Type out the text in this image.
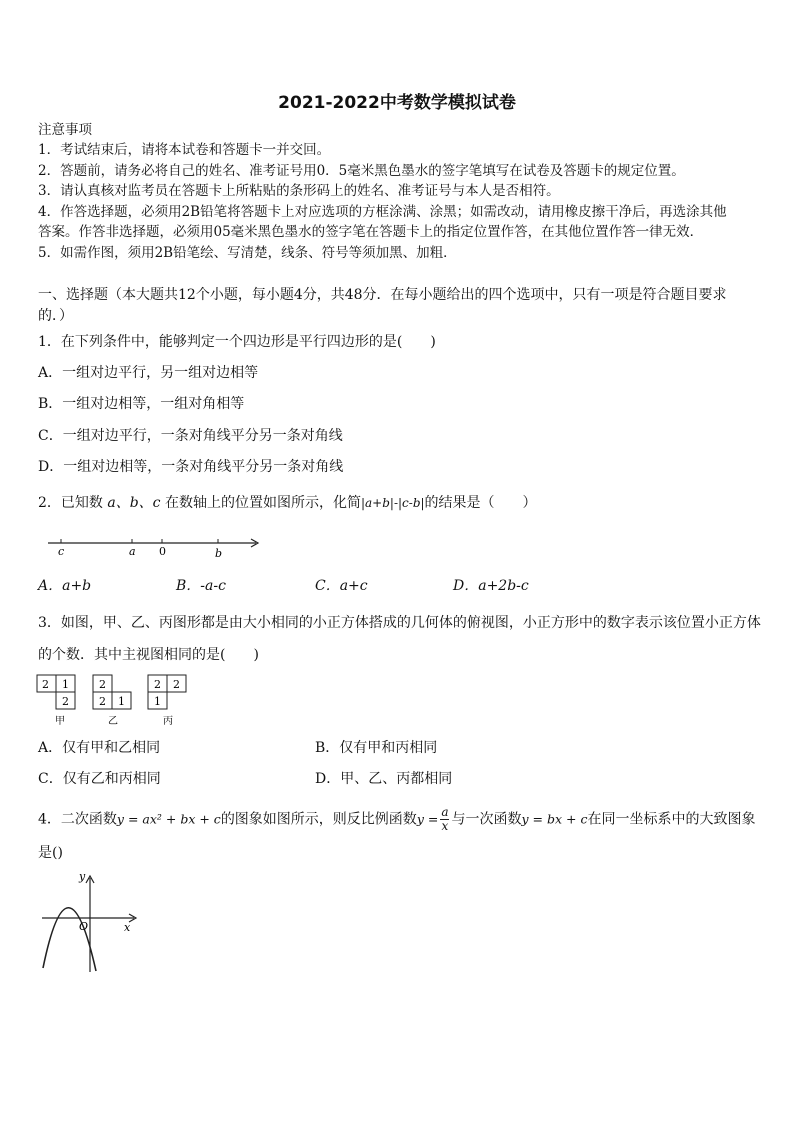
2021-2022中考数学模拟试卷
注意事项
1．考试结束后，请将本试卷和答题卡一并交回。
2．答题前，请务必将自己的姓名、准考证号用0．5毫米黑色墨水的签字笔填写在试卷及答题卡的规定位置。
3．请认真核对监考员在答题卡上所粘贴的条形码上的姓名、准考证号与本人是否相符。
4．作答选择题，必须用2B铅笔将答题卡上对应选项的方框涂满、涂黑；如需改动，请用橡皮擦干净后，再选涂其他
答案。作答非选择题，必须用05毫米黑色墨水的签字笔在答题卡上的指定位置作答，在其他位置作答一律无效．
5．如需作图，须用2B铅笔绘、写清楚，线条、符号等须加黑、加粗．
一、选择题（本大题共12个小题，每小题4分，共48分．在每小题给出的四个选项中，只有一项是符合题目要求
的．）
1．在下列条件中，能够判定一个四边形是平行四边形的是(　　)
A．一组对边平行，另一组对边相等
B．一组对边相等，一组对角相等
C．一组对边平行，一条对角线平分另一条对角线
D．一组对边相等，一条对角线平分另一条对角线
2．已知数 a、b、c 在数轴上的位置如图所示，化简|a+b|-|c-b|的结果是（　　）
c	a 0	b
A．a+b	B．-a-c	C．a+c	D．a+2b-c
3．如图，甲、乙、丙图形都是由大小相同的小正方体搭成的几何体的俯视图，小正方形中的数字表示该位置小正方体
的个数．其中主视图相同的是(　　)
2 1
2
甲
2
2 1
乙
2 2
1
丙
A．仅有甲和乙相同	B．仅有甲和丙相同
C．仅有乙和丙相同	D．甲、乙、丙都相同
4．二次函数y = ax² + bx + c的图象如图所示，则反比例函数$y = \frac{a}{x}$ 与一次函数y = bx + c在同一坐标系中的大致图象
是()
y
x
O
